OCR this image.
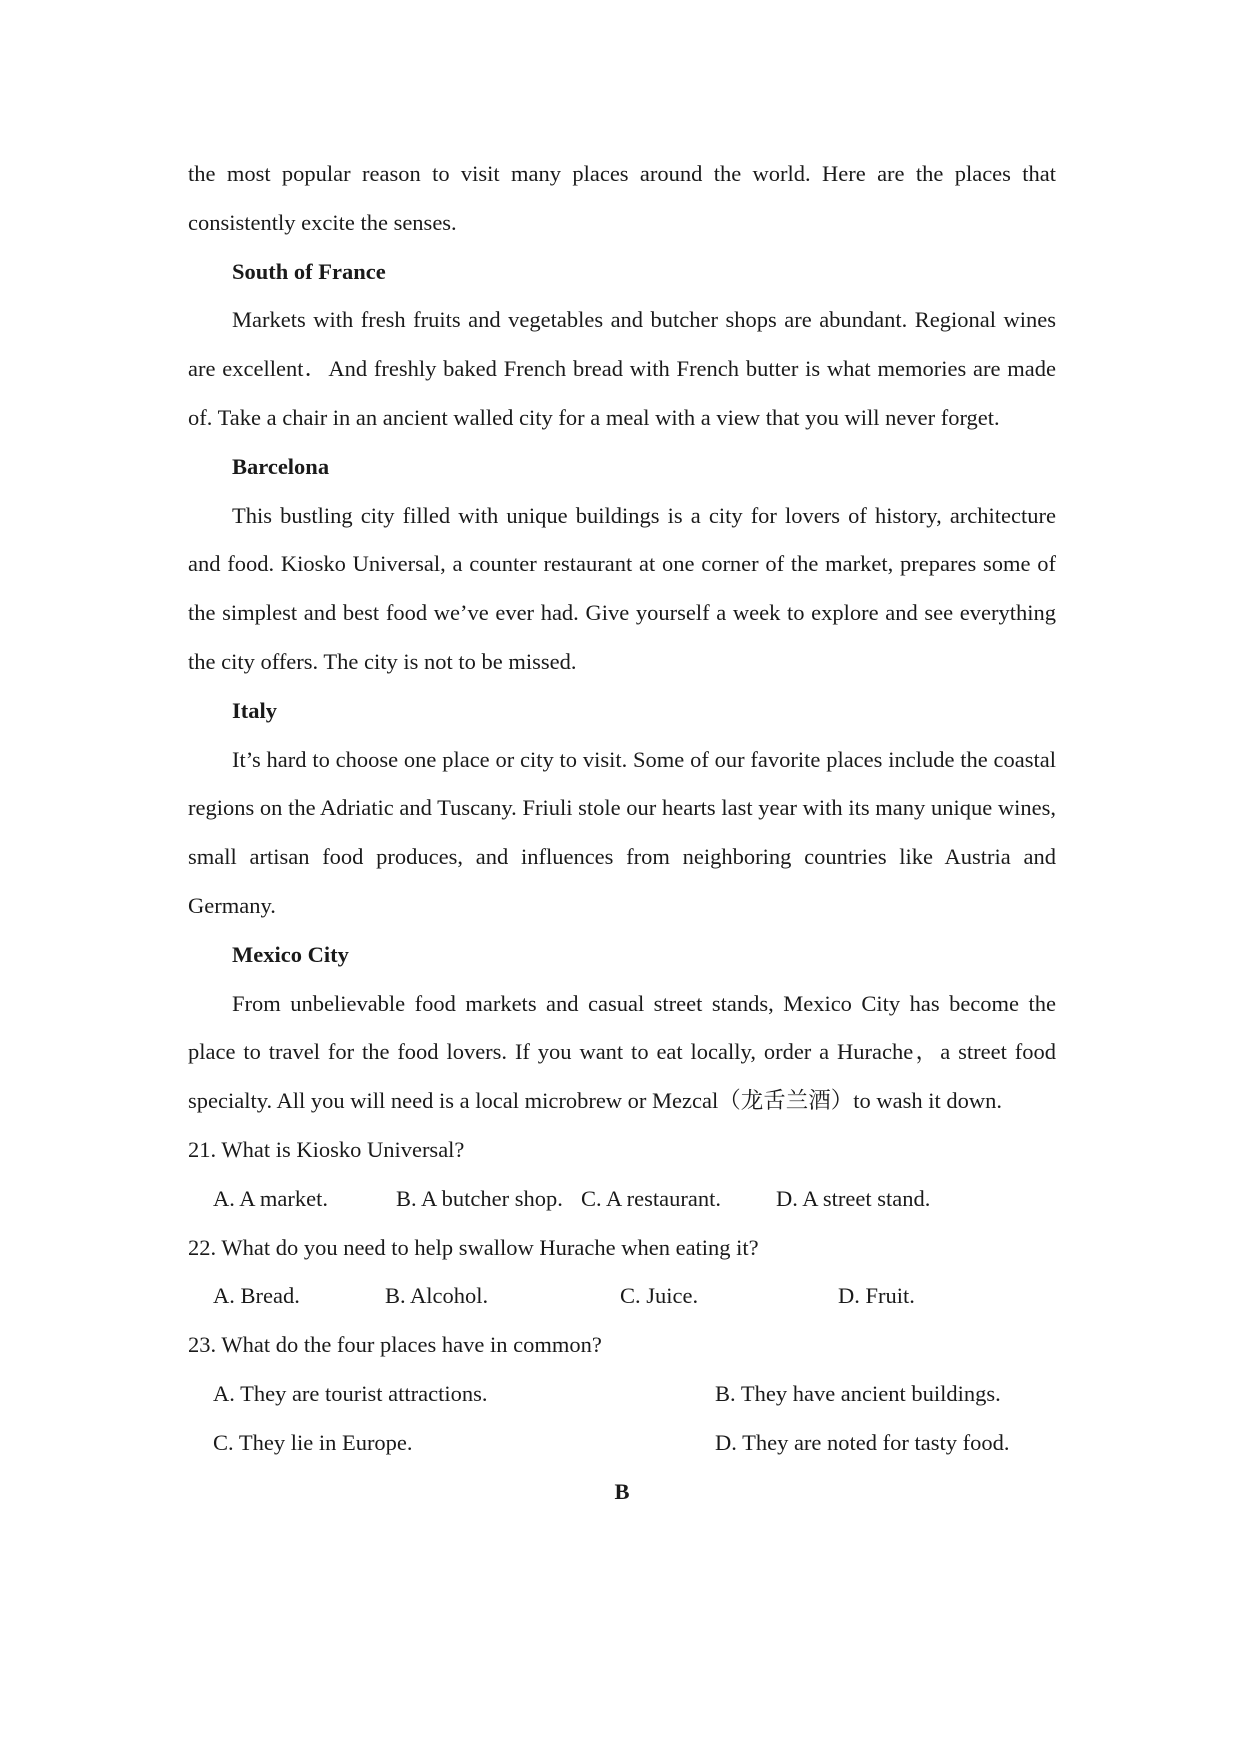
the most popular reason to visit many places around the world. Here are the places that consistently excite the senses.

South of France

Markets with fresh fruits and vegetables and butcher shops are abundant. Regional wines are excellent．And freshly baked French bread with French butter is what memories are made of. Take a chair in an ancient walled city for a meal with a view that you will never forget.

Barcelona

This bustling city filled with unique buildings is a city for lovers of history, architecture and food. Kiosko Universal, a counter restaurant at one corner of the market, prepares some of the simplest and best food we’ve ever had. Give yourself a week to explore and see everything the city offers. The city is not to be missed.

Italy

It’s hard to choose one place or city to visit. Some of our favorite places include the coastal regions on the Adriatic and Tuscany. Friuli stole our hearts last year with its many unique wines, small artisan food produces, and influences from neighboring countries like Austria and Germany.

Mexico City

From unbelievable food markets and casual street stands, Mexico City has become the place to travel for the food lovers. If you want to eat locally, order a Hurache，a street food specialty. All you will need is a local microbrew or Mezcal（龙舌兰酒）to wash it down.

21. What is Kiosko Universal?

A. A market.	B. A butcher shop. C. A restaurant.	D. A street stand.

22. What do you need to help swallow Hurache when eating it?

A. Bread.	B. Alcohol.	C. Juice.	D. Fruit.

23. What do the four places have in common?

A. They are tourist attractions.	B. They have ancient buildings.
C. They lie in Europe.	D. They are noted for tasty food.

B
